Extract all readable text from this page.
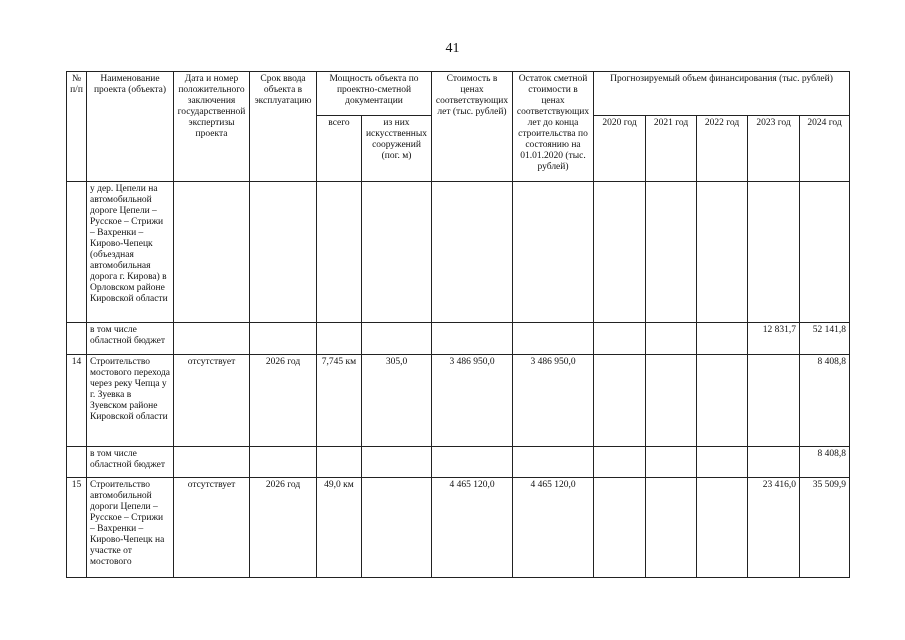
41
№ п/п	Наименование проекта (объекта)	Дата и номер положительного заключения государственной экспертизы проекта	Срок ввода объекта в эксплуатацию	Мощность объекта по проектно-сметной документации		Стоимость в ценах соответствующих лет (тыс. рублей)	Остаток сметной стоимости в ценах соответствующих лет до конца строительства по состоянию на 01.01.2020 (тыс. рублей)	Прогнозируемый объем финансирования (тыс. рублей)				
				всего	из них искусственных сооружений (пог. м)			2020 год	2021 год	2022 год	2023 год	2024 год
	у дер. Цепели на автомобильной дороге Цепели – Русское – Стрижи – Вахренки – Кирово-Чепецк (объездная автомобильная дорога г. Кирова) в Орловском районе Кировской области											
	в том числе областной бюджет										12 831,7	52 141,8
14	Строительство мостового перехода через реку Чепца у г. Зуевка в Зуевском районе Кировской области	отсутствует	2026 год	7,745 км	305,0	3 486 950,0	3 486 950,0					8 408,8
	в том числе областной бюджет											8 408,8
15	Строительство автомобильной дороги Цепели – Русское – Стрижи – Вахренки – Кирово-Чепецк на участке от мостового	отсутствует	2026 год	49,0 км		4 465 120,0	4 465 120,0				23 416,0	35 509,9
